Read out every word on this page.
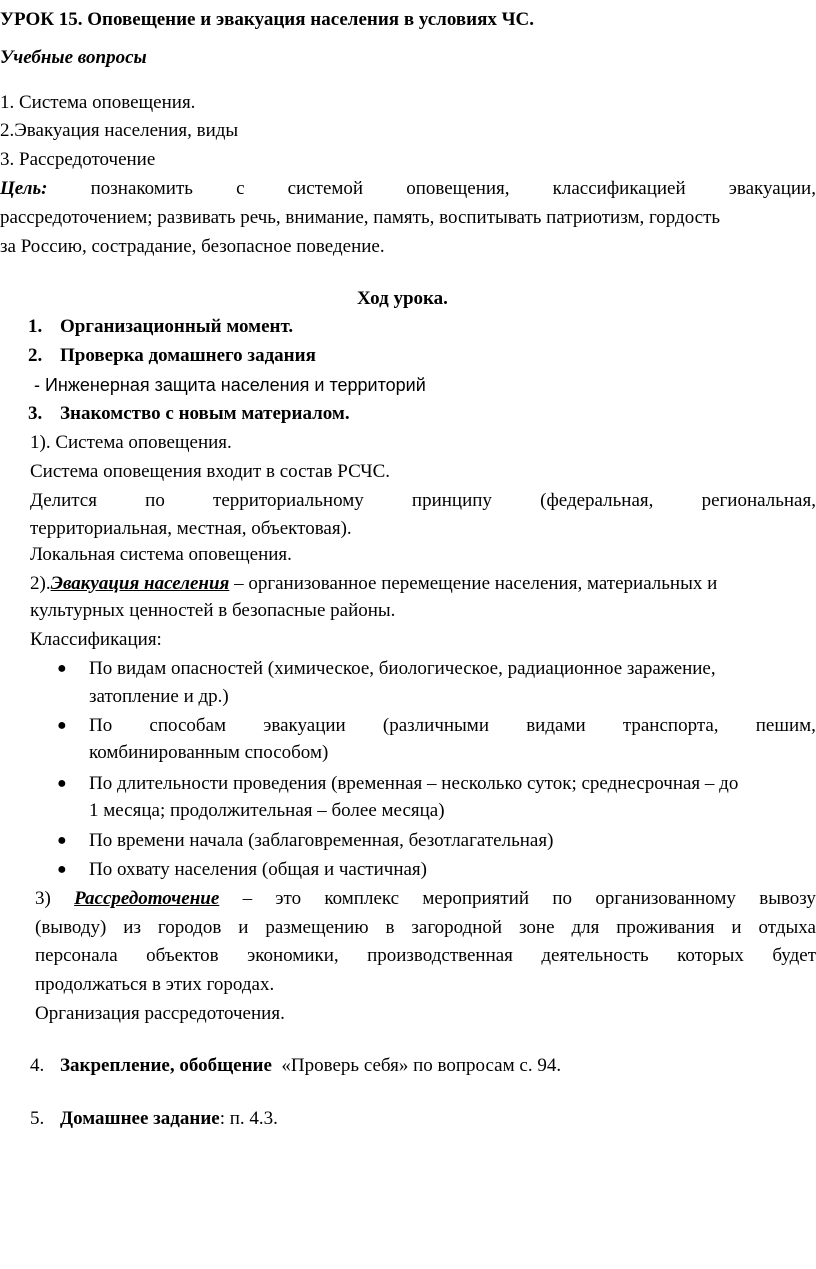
УРОК 15. Оповещение и эвакуация населения в условиях ЧС.
Учебные вопросы
1. Система оповещения.
2.Эвакуация населения, виды
3. Рассредоточение
Цель: познакомить с системой оповещения, классификацией эвакуации,
рассредоточением; развивать речь, внимание, память, воспитывать патриотизм, гордость
за Россию, сострадание, безопасное поведение.
Ход урока.
1. Организационный момент.
2. Проверка домашнего задания
- Инженерная защита населения и территорий
3. Знакомство с новым материалом.
1). Система оповещения.
Система оповещения входит в состав РСЧС.
Делится	по	территориальному	принципу	(федеральная,	региональная,
территориальная, местная, объектовая).
Локальная система оповещения.
2).Эвакуация населения – организованное перемещение населения, материальных и
культурных ценностей в безопасные районы.
Классификация:
● По видам опасностей (химическое, биологическое, радиационное заражение,
затопление и др.)
● По способам эвакуации (различными видами транспорта, пешим,
комбинированным способом)
● По длительности проведения (временная – несколько суток; среднесрочная – до
1 месяца; продолжительная – более месяца)
● По времени начала (заблаговременная, безотлагательная)
● По охвату населения (общая и частичная)
3) Рассредоточение – это комплекс мероприятий по организованному вывозу
(выводу) из городов и размещению в загородной зоне для проживания и отдыха
персонала объектов экономики, производственная деятельность которых будет
продолжаться в этих городах.
Организация рассредоточения.
4. Закрепление, обобщение «Проверь себя» по вопросам с. 94.
5. Домашнее задание: п. 4.3.
